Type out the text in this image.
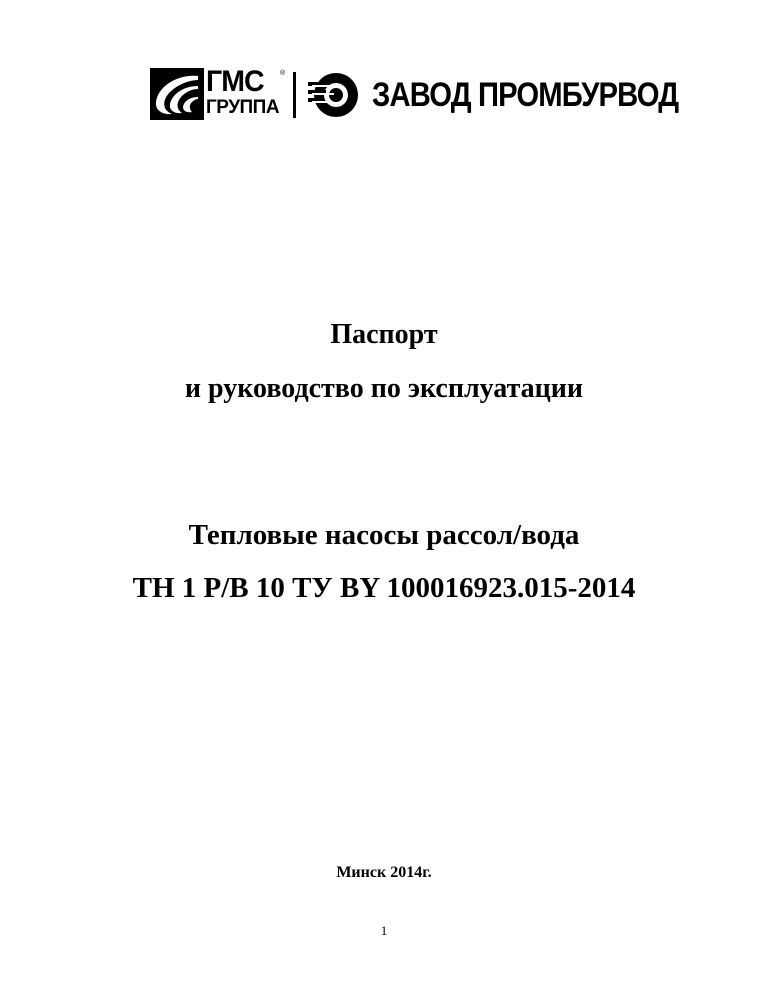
ГМС ®
ГРУППА	ЗАВОД ПРОМБУРВОД
Паспорт
и руководство по эксплуатации
Тепловые насосы рассол/вода
ТН 1 Р/В 10 ТУ BY 100016923.015-2014
Минск 2014г.
1
